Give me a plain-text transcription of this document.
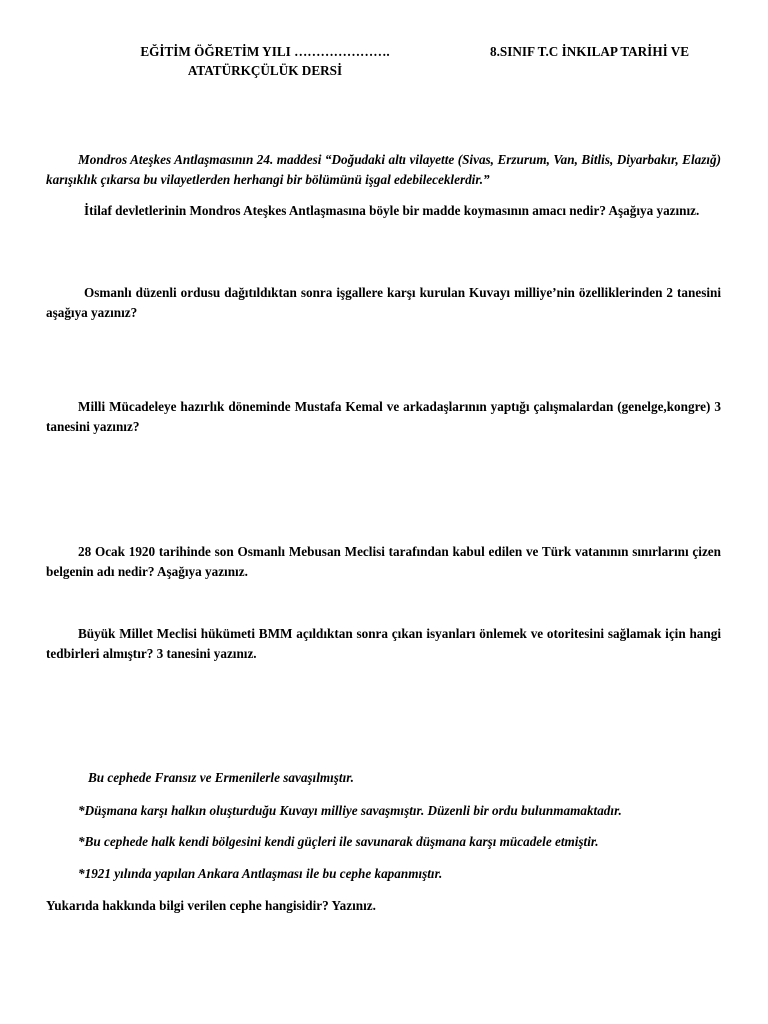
EĞİTİM ÖĞRETİM YILI ………………….
ATATÜRKÇÜLÜK DERSİ
8.SINIF T.C İNKILAP TARİHİ VE
Mondros Ateşkes Antlaşmasının 24. maddesi “Doğudaki altı vilayette (Sivas, Erzurum, Van, Bitlis, Diyarbakır, Elazığ) karışıklık çıkarsa bu vilayetlerden herhangi bir bölümünü işgal edebileceklerdir.”
İtilaf devletlerinin Mondros Ateşkes Antlaşmasına böyle bir madde koymasının amacı nedir? Aşağıya yazınız.
Osmanlı düzenli ordusu dağıtıldıktan sonra işgallere karşı kurulan Kuvayı milliye’nin özelliklerinden 2 tanesini aşağıya yazınız?
Milli Mücadeleye hazırlık döneminde Mustafa Kemal ve arkadaşlarının yaptığı çalışmalardan (genelge,kongre) 3 tanesini yazınız?
28 Ocak 1920 tarihinde son Osmanlı Mebusan Meclisi tarafından kabul edilen ve Türk vatanının sınırlarını çizen belgenin adı nedir? Aşağıya yazınız.
Büyük Millet Meclisi hükümeti BMM açıldıktan sonra çıkan isyanları önlemek ve otoritesini sağlamak için hangi tedbirleri almıştır? 3 tanesini yazınız.
Bu cephede Fransız ve Ermenilerle savaşılmıştır.
*Düşmana karşı halkın oluşturduğu Kuvayı milliye savaşmıştır. Düzenli bir ordu bulunmamaktadır.
*Bu cephede halk kendi bölgesini kendi güçleri ile savunarak düşmana karşı mücadele etmiştir.
*1921 yılında yapılan Ankara Antlaşması ile bu cephe kapanmıştır.
Yukarıda hakkında bilgi verilen cephe hangisidir? Yazınız.
